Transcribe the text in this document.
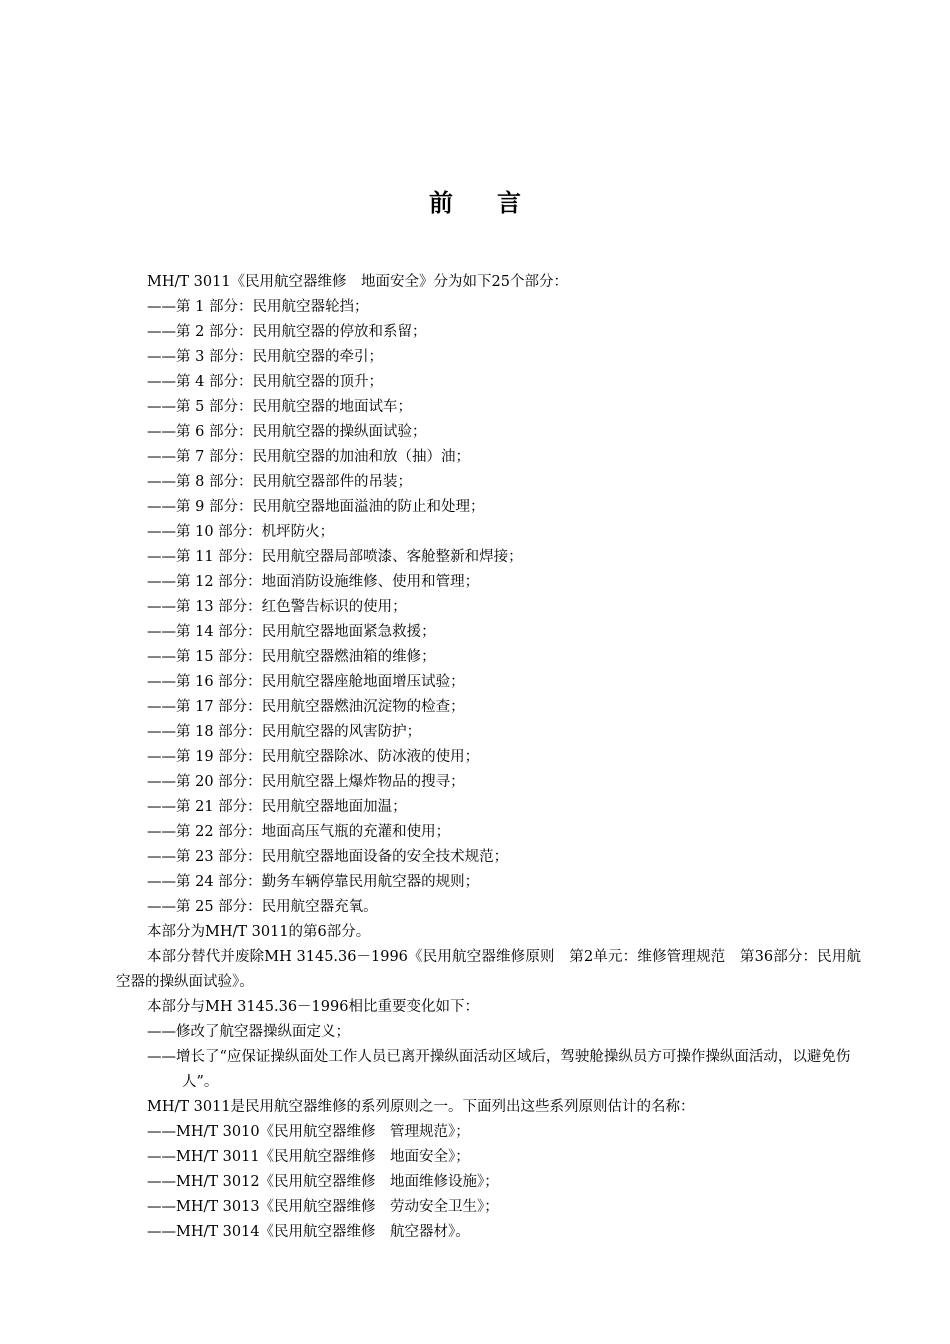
前 言
MH/T 3011《民用航空器维修　地面安全》分为如下25个部分：
——第 1 部分：民用航空器轮挡；
——第 2 部分：民用航空器的停放和系留；
——第 3 部分：民用航空器的牵引；
——第 4 部分：民用航空器的顶升；
——第 5 部分：民用航空器的地面试车；
——第 6 部分：民用航空器的操纵面试验；
——第 7 部分：民用航空器的加油和放（抽）油；
——第 8 部分：民用航空器部件的吊装；
——第 9 部分：民用航空器地面溢油的防止和处理；
——第 10 部分：机坪防火；
——第 11 部分：民用航空器局部喷漆、客舱整新和焊接；
——第 12 部分：地面消防设施维修、使用和管理；
——第 13 部分：红色警告标识的使用；
——第 14 部分：民用航空器地面紧急救援；
——第 15 部分：民用航空器燃油箱的维修；
——第 16 部分：民用航空器座舱地面增压试验；
——第 17 部分：民用航空器燃油沉淀物的检查；
——第 18 部分：民用航空器的风害防护；
——第 19 部分：民用航空器除冰、防冰液的使用；
——第 20 部分：民用航空器上爆炸物品的搜寻；
——第 21 部分：民用航空器地面加温；
——第 22 部分：地面高压气瓶的充灌和使用；
——第 23 部分：民用航空器地面设备的安全技术规范；
——第 24 部分：勤务车辆停靠民用航空器的规则；
——第 25 部分：民用航空器充氧。
本部分为MH/T 3011的第6部分。
本部分替代并废除MH 3145.36－1996《民用航空器维修原则　第2单元：维修管理规范　第36部分：民用航空器的操纵面试验》。
本部分与MH 3145.36－1996相比重要变化如下：
——修改了航空器操纵面定义；
——增长了“应保证操纵面处工作人员已离开操纵面活动区域后，驾驶舱操纵员方可操作操纵面活动，以避免伤人”。
MH/T 3011是民用航空器维修的系列原则之一。下面列出这些系列原则估计的名称：
——MH/T 3010《民用航空器维修　管理规范》；
——MH/T 3011《民用航空器维修　地面安全》；
——MH/T 3012《民用航空器维修　地面维修设施》；
——MH/T 3013《民用航空器维修　劳动安全卫生》；
——MH/T 3014《民用航空器维修　航空器材》。
